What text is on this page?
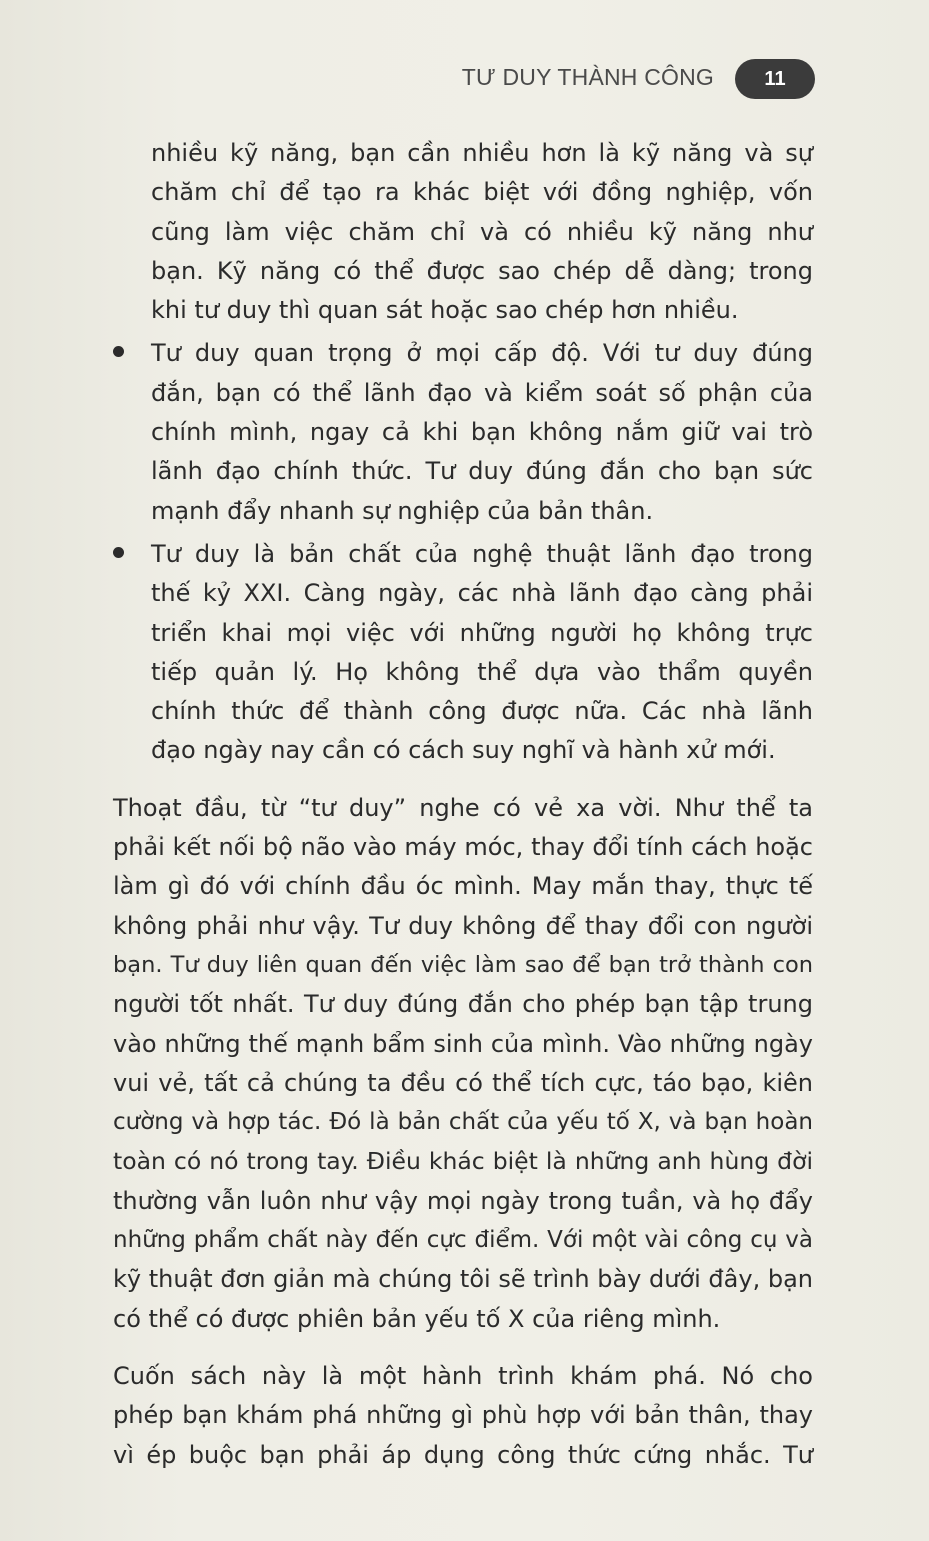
TƯ DUY THÀNH CÔNG	11
nhiều kỹ năng, bạn cần nhiều hơn là kỹ năng và sự
chăm chỉ để tạo ra khác biệt với đồng nghiệp, vốn
cũng làm việc chăm chỉ và có nhiều kỹ năng như
bạn. Kỹ năng có thể được sao chép dễ dàng; trong
khi tư duy thì quan sát hoặc sao chép hơn nhiều.
Tư duy quan trọng ở mọi cấp độ. Với tư duy đúng
đắn, bạn có thể lãnh đạo và kiểm soát số phận của
chính mình, ngay cả khi bạn không nắm giữ vai trò
lãnh đạo chính thức. Tư duy đúng đắn cho bạn sức
mạnh đẩy nhanh sự nghiệp của bản thân.
Tư duy là bản chất của nghệ thuật lãnh đạo trong
thế kỷ XXI. Càng ngày, các nhà lãnh đạo càng phải
triển khai mọi việc với những người họ không trực
tiếp quản lý. Họ không thể dựa vào thẩm quyền
chính thức để thành công được nữa. Các nhà lãnh
đạo ngày nay cần có cách suy nghĩ và hành xử mới.
Thoạt đầu, từ “tư duy” nghe có vẻ xa vời. Như thể ta
phải kết nối bộ não vào máy móc, thay đổi tính cách hoặc
làm gì đó với chính đầu óc mình. May mắn thay, thực tế
không phải như vậy. Tư duy không để thay đổi con người
bạn. Tư duy liên quan đến việc làm sao để bạn trở thành con
người tốt nhất. Tư duy đúng đắn cho phép bạn tập trung
vào những thế mạnh bẩm sinh của mình. Vào những ngày
vui vẻ, tất cả chúng ta đều có thể tích cực, táo bạo, kiên
cường và hợp tác. Đó là bản chất của yếu tố X, và bạn hoàn
toàn có nó trong tay. Điều khác biệt là những anh hùng đời
thường vẫn luôn như vậy mọi ngày trong tuần, và họ đẩy
những phẩm chất này đến cực điểm. Với một vài công cụ và
kỹ thuật đơn giản mà chúng tôi sẽ trình bày dưới đây, bạn
có thể có được phiên bản yếu tố X của riêng mình.
Cuốn sách này là một hành trình khám phá. Nó cho
phép bạn khám phá những gì phù hợp với bản thân, thay
vì ép buộc bạn phải áp dụng công thức cứng nhắc. Tư
